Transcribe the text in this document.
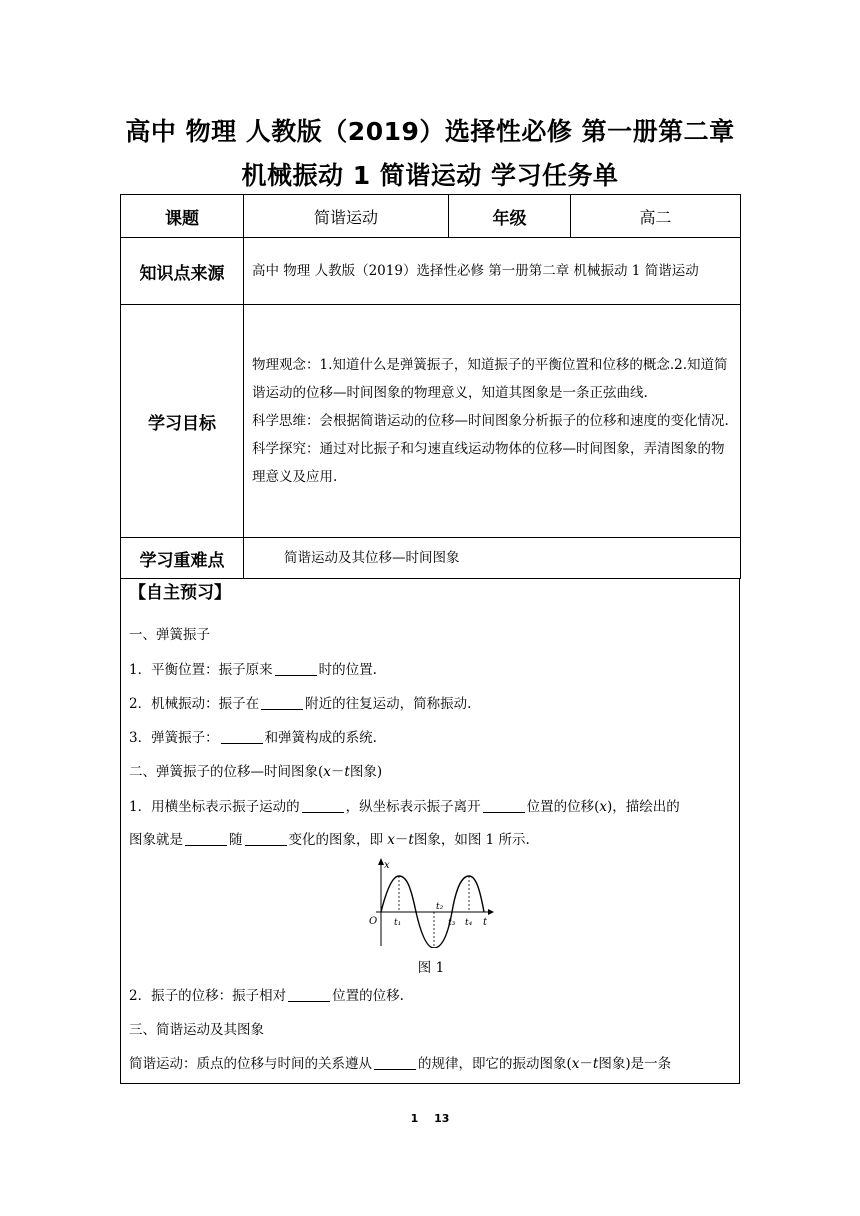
高中 物理 人教版（2019）选择性必修 第一册第二章
机械振动 1 简谐运动 学习任务单
课题	简谐运动	年级	高二
知识点来源	高中 物理 人教版（2019）选择性必修 第一册第二章 机械振动 1 简谐运动		
学习目标	物理观念：1.知道什么是弹簧振子，知道振子的平衡位置和位移的概念.2.知道简谐运动的位移—时间图象的物理意义，知道其图象是一条正弦曲线.

科学思维：会根据简谐运动的位移—时间图象分析振子的位移和速度的变化情况.

科学探究：通过对比振子和匀速直线运动物体的位移—时间图象，弄清图象的物理意义及应用.		

学习重难点	简谐运动及其位移—时间图象		
【自主预习】
一、弹簧振子
1．平衡位置：振子原来	时的位置.
2．机械振动：振子在	附近的往复运动，简称振动.
3．弹簧振子：	和弹簧构成的系统.
二、弹簧振子的位移—时间图象(x－t图象)
1．用横坐标表示振子运动的	，纵坐标表示振子离开	位置的位移(x)，描绘出的
图象就是	随	变化的图象，即 x－t图象，如图 1 所示.
x
t
O t₁
t₂
t₃ t₄
图 1
2．振子的位移：振子相对	位置的位移.
三、简谐运动及其图象
简谐运动：质点的位移与时间的关系遵从	的规律，即它的振动图象(x－t图象)是一条
1 13
